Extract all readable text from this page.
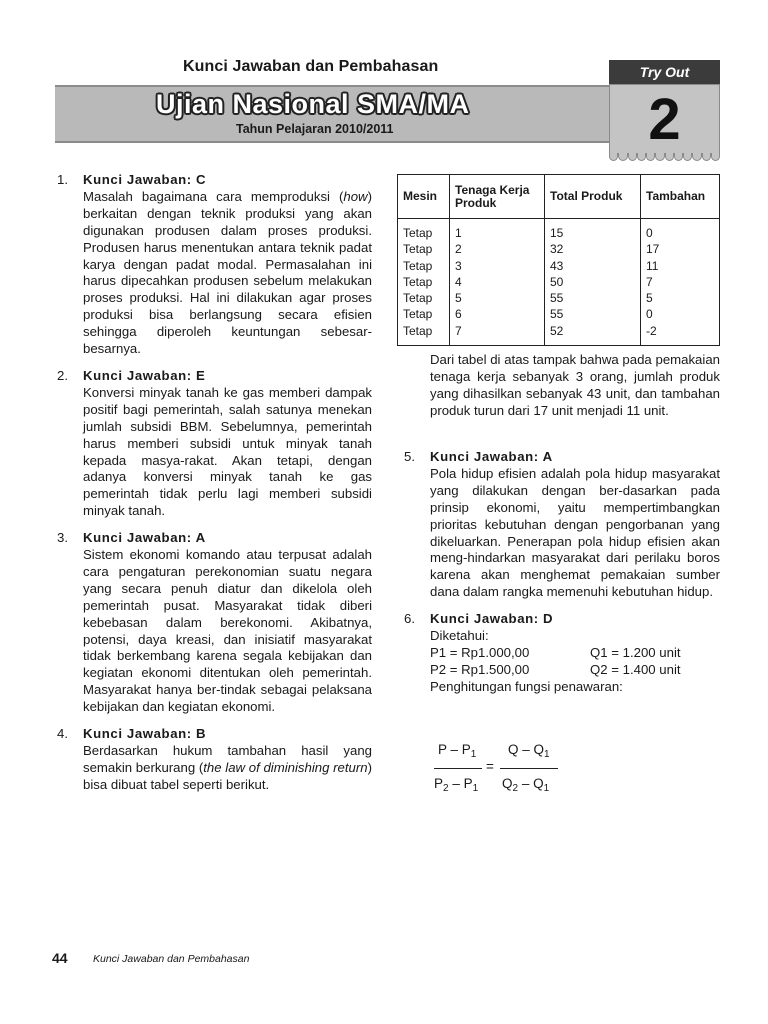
Kunci Jawaban dan Pembahasan
Ujian Nasional SMA/MA
Tahun Pelajaran 2010/2011
Try Out
2
1. Kunci Jawaban: C

Masalah bagaimana cara memproduksi (how) berkaitan dengan teknik produksi yang akan digunakan produsen dalam proses produksi. Produsen harus menentukan antara teknik padat karya dengan padat modal. Permasalahan ini harus dipecahkan produsen sebelum melakukan proses produksi. Hal ini dilakukan agar proses produksi bisa berlangsung secara efisien sehingga diperoleh keuntungan sebesar-besarnya.

2. Kunci Jawaban: E

Konversi minyak tanah ke gas memberi dampak positif bagi pemerintah, salah satunya menekan jumlah subsidi BBM. Sebelumnya, pemerintah harus memberi subsidi untuk minyak tanah kepada masya-rakat. Akan tetapi, dengan adanya konversi minyak tanah ke gas pemerintah tidak perlu lagi memberi subsidi minyak tanah.

3. Kunci Jawaban: A

Sistem ekonomi komando atau terpusat adalah cara pengaturan perekonomian suatu negara yang secara penuh diatur dan dikelola oleh pemerintah pusat. Masyarakat tidak diberi kebebasan dalam berekonomi. Akibatnya, potensi, daya kreasi, dan inisiatif masyarakat tidak berkembang karena segala kebijakan dan kegiatan ekonomi ditentukan oleh pemerintah. Masyarakat hanya ber-tindak sebagai pelaksana kebijakan dan kegiatan ekonomi.

4. Kunci Jawaban: B

Berdasarkan hukum tambahan hasil yang semakin berkurang (the law of diminishing return) bisa dibuat tabel seperti berikut.

Mesin	Tenaga Kerja Produk	Total Produk	Tambahan
Tetap	1	15	0
Tetap	2	32	17
Tetap	3	43	11
Tetap	4	50	7
Tetap	5	55	5
Tetap	6	55	0
Tetap	7	52	-2

Dari tabel di atas tampak bahwa pada pemakaian tenaga kerja sebanyak 3 orang, jumlah produk yang dihasilkan sebanyak 43 unit, dan tambahan produk turun dari 17 unit menjadi 11 unit.

5. Kunci Jawaban: A

Pola hidup efisien adalah pola hidup masyarakat yang dilakukan dengan ber-dasarkan pada prinsip ekonomi, yaitu mempertimbangkan prioritas kebutuhan dengan pengorbanan yang dikeluarkan. Penerapan pola hidup efisien akan meng-hindarkan masyarakat dari perilaku boros karena akan menghemat pemakaian sumber dana dalam rangka memenuhi kebutuhan hidup.

6. Kunci Jawaban: D
Diketahui:
P1 = Rp1.000,00	Q1 = 1.200 unit
P2 = Rp1.500,00	Q2 = 1.400 unit
Penghitungan fungsi penawaran:
P – $P_1$ Q – $Q_1$
=
$P_2 - P_1$ $Q_2 - Q_1$
44 Kunci Jawaban dan Pembahasan
